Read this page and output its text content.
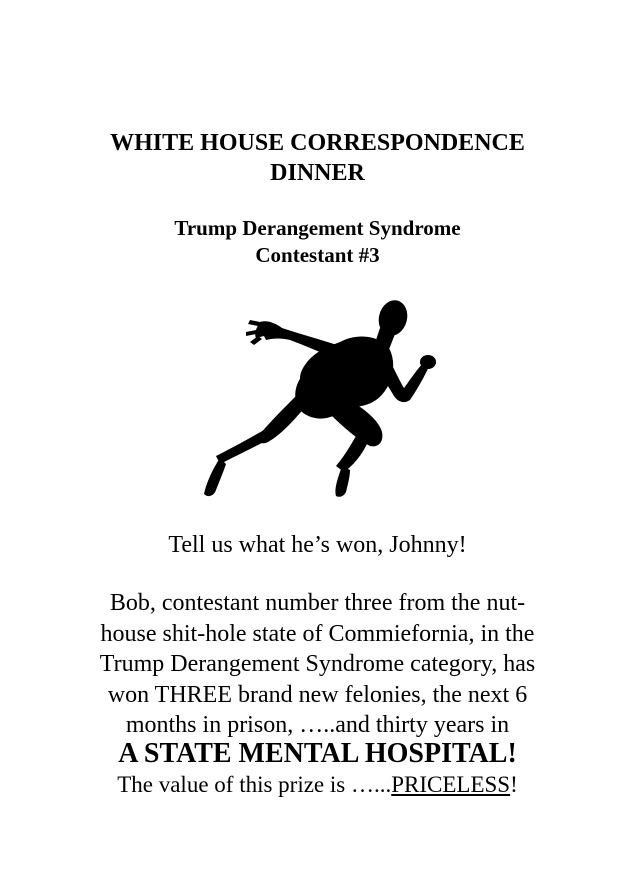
WHITE HOUSE CORRESPONDENCE
DINNER
Trump Derangement Syndrome
Contestant #3
Tell us what he’s won, Johnny!
Bob, contestant number three from the nut-
house shit-hole state of Commiefornia, in the
Trump Derangement Syndrome category, has
won THREE brand new felonies, the next 6
months in prison, …..and thirty years in
A STATE MENTAL HOSPITAL!
The value of this prize is …...PRICELESS!
